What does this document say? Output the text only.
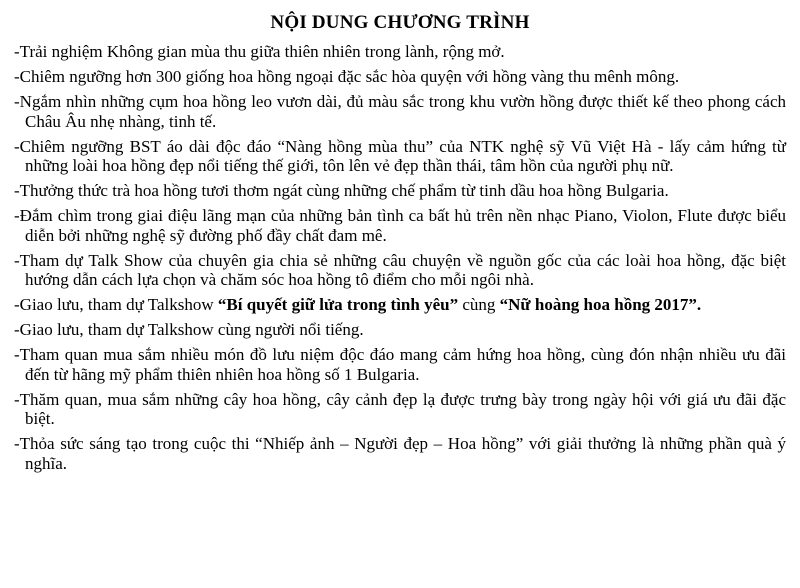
NỘI DUNG CHƯƠNG TRÌNH
-Trải nghiệm Không gian mùa thu giữa thiên nhiên trong lành, rộng mở.
-Chiêm ngưỡng hơn 300 giống hoa hồng ngoại đặc sắc hòa quyện với hồng vàng thu mênh mông.
-Ngắm nhìn những cụm hoa hồng leo vươn dài, đủ màu sắc trong khu vườn hồng được thiết kế theo phong cách Châu Âu nhẹ nhàng, tinh tế.
-Chiêm ngưỡng BST áo dài độc đáo “Nàng hồng mùa thu” của NTK nghệ sỹ Vũ Việt Hà - lấy cảm hứng từ những loài hoa hồng đẹp nổi tiếng thế giới, tôn lên vẻ đẹp thần thái, tâm hồn của người phụ nữ.
-Thưởng thức trà hoa hồng tươi thơm ngát cùng những chế phẩm từ tinh dầu hoa hồng Bulgaria.
-Đắm chìm trong giai điệu lãng mạn của những bản tình ca bất hủ trên nền nhạc Piano, Violon, Flute được biểu diễn bởi những nghệ sỹ đường phố đầy chất đam mê.
-Tham dự Talk Show của chuyên gia chia sẻ những câu chuyện về nguồn gốc của các loài hoa hồng, đặc biệt hướng dẫn cách lựa chọn và chăm sóc hoa hồng tô điểm cho mỗi ngôi nhà.
-Giao lưu, tham dự Talkshow “Bí quyết giữ lửa trong tình yêu” cùng “Nữ hoàng hoa hồng 2017”.
-Giao lưu, tham dự Talkshow cùng người nổi tiếng.
-Tham quan mua sắm nhiều món đồ lưu niệm độc đáo mang cảm hứng hoa hồng, cùng đón nhận nhiều ưu đãi đến từ hãng mỹ phẩm thiên nhiên hoa hồng số 1 Bulgaria.
-Thăm quan, mua sắm những cây hoa hồng, cây cảnh đẹp lạ được trưng bày trong ngày hội với giá ưu đãi đặc biệt.
-Thỏa sức sáng tạo trong cuộc thi “Nhiếp ảnh – Người đẹp – Hoa hồng” với giải thưởng là những phần quà ý nghĩa.
